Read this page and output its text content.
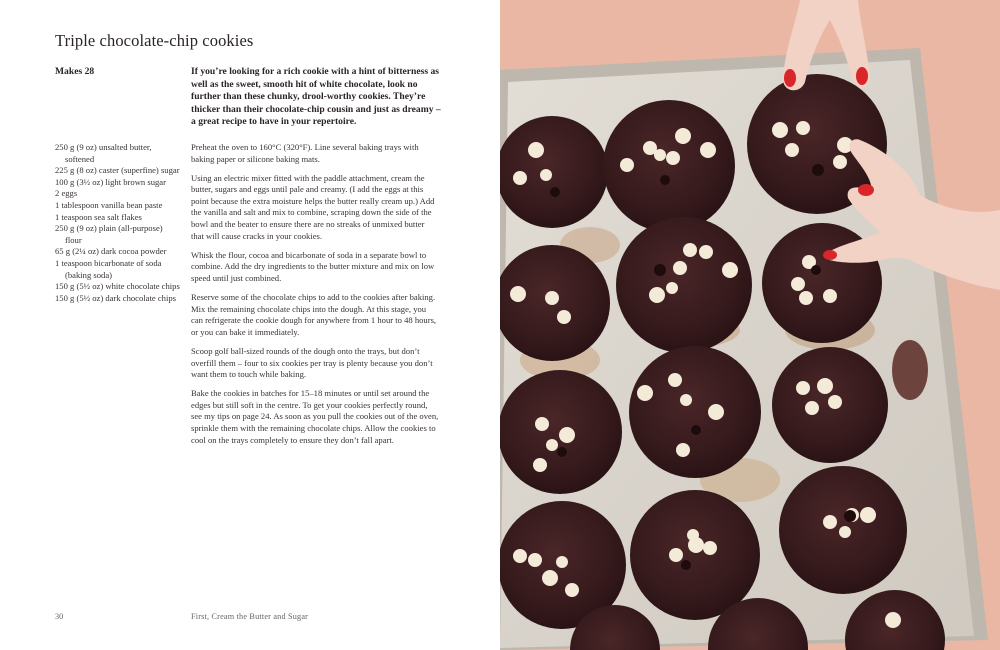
Triple chocolate-chip cookies
Makes 28	If you’re looking for a rich cookie with a hint of bitterness as well as the sweet, smooth hit of white chocolate, look no further than these chunky, drool-worthy cookies. They’re thicker than their chocolate-chip cousin and just as dreamy – a great recipe to have in your repertoire.
250 g (9 oz) unsalted butter, softened
225 g (8 oz) caster (superfine) sugar
100 g (3½ oz) light brown sugar
2 eggs
1 tablespoon vanilla bean paste
1 teaspoon sea salt flakes
250 g (9 oz) plain (all-purpose) flour
65 g (2¼ oz) dark cocoa powder
1 teaspoon bicarbonate of soda (baking soda)
150 g (5½ oz) white chocolate chips
150 g (5½ oz) dark chocolate chips

Preheat the oven to 160°C (320°F). Line several baking trays with baking paper or silicone baking mats.

Using an electric mixer fitted with the paddle attachment, cream the butter, sugars and eggs until pale and creamy. (I add the eggs at this point because the extra moisture helps the butter really cream up.) Add the vanilla and salt and mix to combine, scraping down the side of the bowl and the beater to ensure there are no streaks of unmixed butter that will cause cracks in your cookies.

Whisk the flour, cocoa and bicarbonate of soda in a separate bowl to combine. Add the dry ingredients to the butter mixture and mix on low speed until just combined.

Reserve some of the chocolate chips to add to the cookies after baking. Mix the remaining chocolate chips into the dough. At this stage, you can refrigerate the cookie dough for anywhere from 1 hour to 48 hours, or you can bake it immediately.

Scoop golf ball-sized rounds of the dough onto the trays, but don’t overfill them – four to six cookies per tray is plenty because you don’t want them to touch while baking.

Bake the cookies in batches for 15–18 minutes or until set around the edges but still soft in the centre. To get your cookies perfectly round, see my tips on page 24. As soon as you pull the cookies out of the oven, sprinkle them with the remaining chocolate chips. Allow the cookies to cool on the trays completely to ensure they don’t fall apart.

30	First, Cream the Butter and Sugar
